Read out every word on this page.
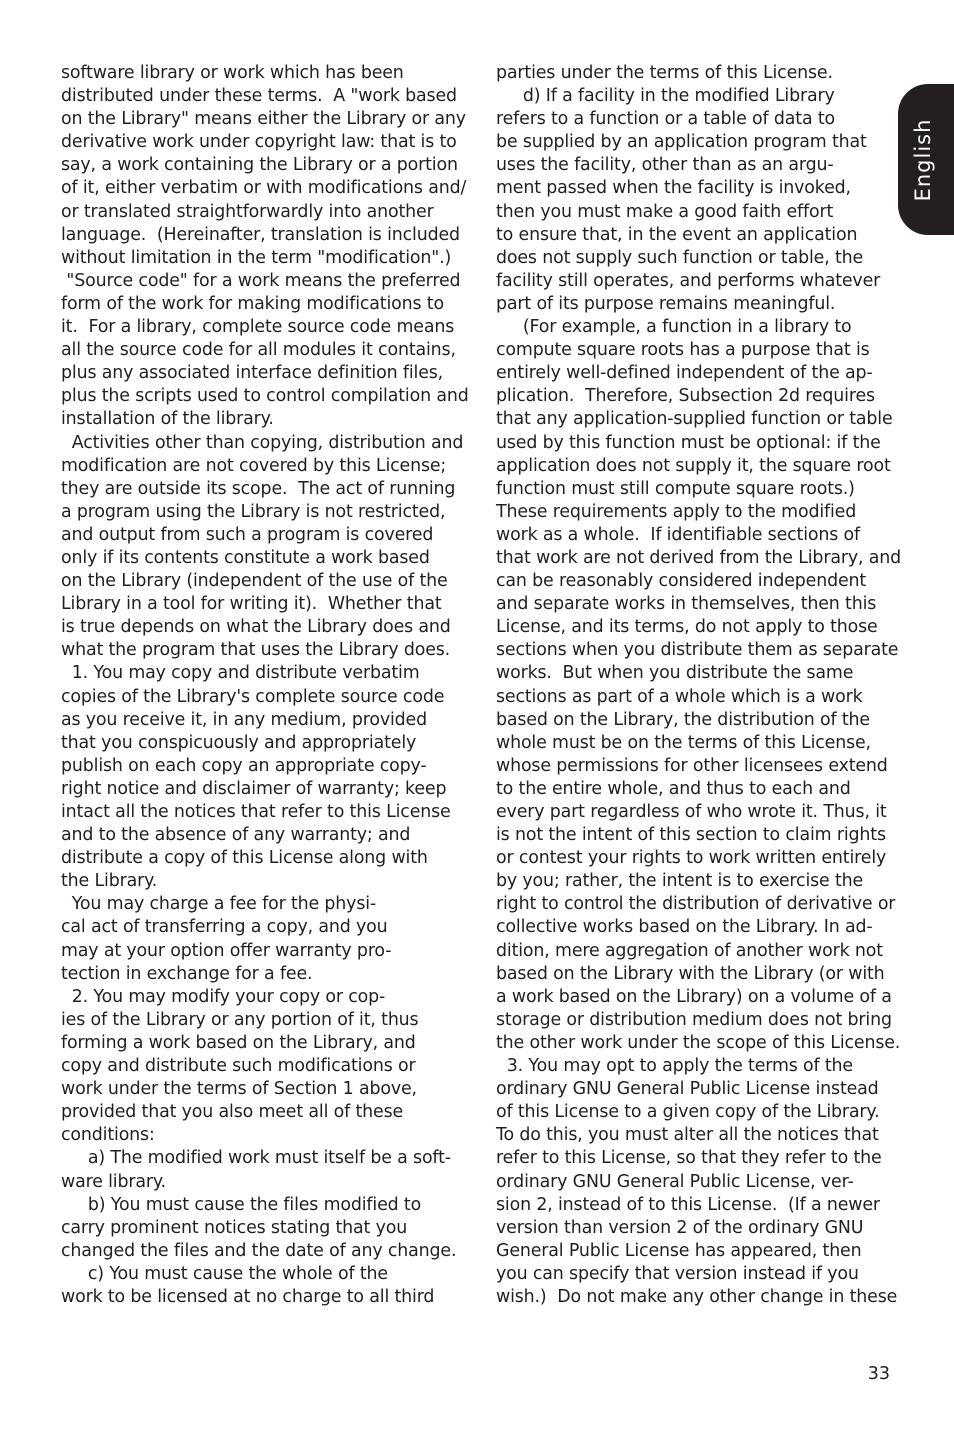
software library or work which has been
distributed under these terms.  A "work based
on the Library" means either the Library or any
derivative work under copyright law: that is to
say, a work containing the Library or a portion
of it, either verbatim or with modifications and/
or translated straightforwardly into another
language.  (Hereinafter, translation is included
without limitation in the term "modification".)
"Source code" for a work means the preferred
form of the work for making modifications to
it.  For a library, complete source code means
all the source code for all modules it contains,
plus any associated interface definition files,
plus the scripts used to control compilation and
installation of the library.
Activities other than copying, distribution and
modification are not covered by this License;
they are outside its scope.  The act of running
a program using the Library is not restricted,
and output from such a program is covered
only if its contents constitute a work based
on the Library (independent of the use of the
Library in a tool for writing it).  Whether that
is true depends on what the Library does and
what the program that uses the Library does.
1. You may copy and distribute verbatim
copies of the Library's complete source code
as you receive it, in any medium, provided
that you conspicuously and appropriately
publish on each copy an appropriate copy-
right notice and disclaimer of warranty; keep
intact all the notices that refer to this License
and to the absence of any warranty; and
distribute a copy of this License along with
the Library.
You may charge a fee for the physi-
cal act of transferring a copy, and you
may at your option offer warranty pro-
tection in exchange for a fee.
2. You may modify your copy or cop-
ies of the Library or any portion of it, thus
forming a work based on the Library, and
copy and distribute such modifications or
work under the terms of Section 1 above,
provided that you also meet all of these
conditions:
a) The modified work must itself be a soft-
ware library.
b) You must cause the files modified to
carry prominent notices stating that you
changed the files and the date of any change.
c) You must cause the whole of the
work to be licensed at no charge to all third
parties under the terms of this License.
d) If a facility in the modified Library
refers to a function or a table of data to
be supplied by an application program that
uses the facility, other than as an argu-
ment passed when the facility is invoked,
then you must make a good faith effort
to ensure that, in the event an application
does not supply such function or table, the
facility still operates, and performs whatever
part of its purpose remains meaningful.
(For example, a function in a library to
compute square roots has a purpose that is
entirely well-defined independent of the ap-
plication.  Therefore, Subsection 2d requires
that any application-supplied function or table
used by this function must be optional: if the
application does not supply it, the square root
function must still compute square roots.)
These requirements apply to the modified
work as a whole.  If identifiable sections of
that work are not derived from the Library, and
can be reasonably considered independent
and separate works in themselves, then this
License, and its terms, do not apply to those
sections when you distribute them as separate
works.  But when you distribute the same
sections as part of a whole which is a work
based on the Library, the distribution of the
whole must be on the terms of this License,
whose permissions for other licensees extend
to the entire whole, and thus to each and
every part regardless of who wrote it. Thus, it
is not the intent of this section to claim rights
or contest your rights to work written entirely
by you; rather, the intent is to exercise the
right to control the distribution of derivative or
collective works based on the Library. In ad-
dition, mere aggregation of another work not
based on the Library with the Library (or with
a work based on the Library) on a volume of a
storage or distribution medium does not bring
the other work under the scope of this License.
3. You may opt to apply the terms of the
ordinary GNU General Public License instead
of this License to a given copy of the Library.
To do this, you must alter all the notices that
refer to this License, so that they refer to the
ordinary GNU General Public License, ver-
sion 2, instead of to this License.  (If a newer
version than version 2 of the ordinary GNU
General Public License has appeared, then
you can specify that version instead if you
wish.)  Do not make any other change in these
English
33
